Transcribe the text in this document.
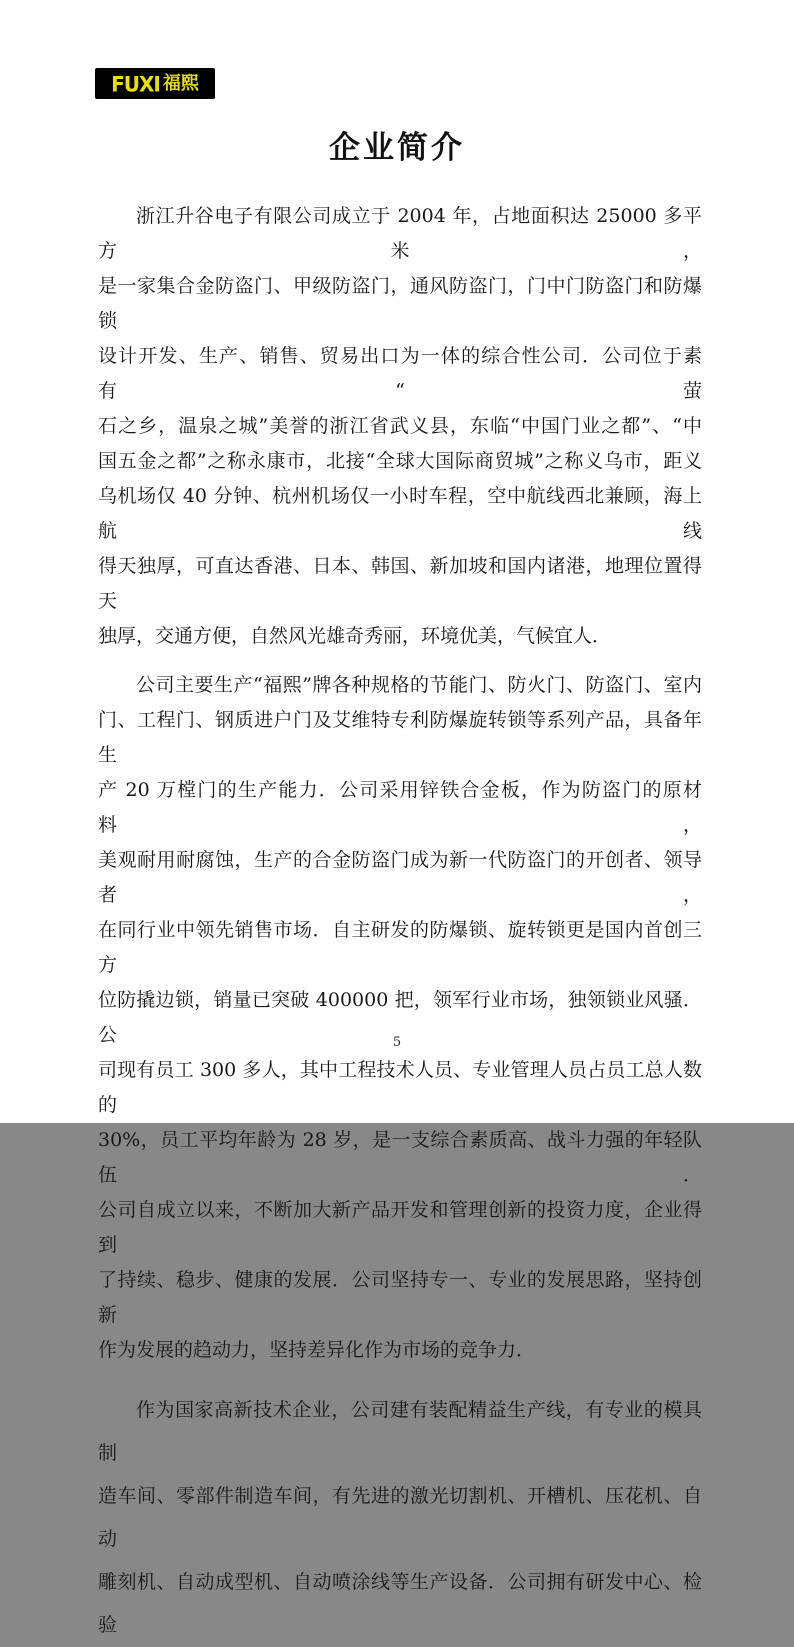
FUXI 福熙
企业简介
浙江升谷电子有限公司成立于 2004 年，占地面积达 25000 多平方米，
是一家集合金防盗门、甲级防盗门，通风防盗门，门中门防盗门和防爆锁
设计开发、生产、销售、贸易出口为一体的综合性公司．公司位于素有“萤
石之乡，温泉之城”美誉的浙江省武义县，东临“中国门业之都”、“中
国五金之都”之称永康市，北接“全球大国际商贸城”之称义乌市，距义
乌机场仅 40 分钟、杭州机场仅一小时车程，空中航线西北兼顾，海上航线
得天独厚，可直达香港、日本、韩国、新加坡和国内诸港，地理位置得天
独厚，交通方便，自然风光雄奇秀丽，环境优美，气候宜人．
公司主要生产“福熙”牌各种规格的节能门、防火门、防盗门、室内
门、工程门、钢质进户门及艾维特专利防爆旋转锁等系列产品，具备年生
产 20 万樘门的生产能力．公司采用锌铁合金板，作为防盗门的原材料，
美观耐用耐腐蚀，生产的合金防盗门成为新一代防盗门的开创者、领导者，
在同行业中领先销售市场．自主研发的防爆锁、旋转锁更是国内首创三方
位防撬边锁，销量已突破 400000 把，领军行业市场，独领锁业风骚．公
司现有员工 300 多人，其中工程技术人员、专业管理人员占员工总人数的
30%，员工平均年龄为 28 岁，是一支综合素质高、战斗力强的年轻队伍．
公司自成立以来，不断加大新产品开发和管理创新的投资力度，企业得到
了持续、稳步、健康的发展．公司坚持专一、专业的发展思路，坚持创新
作为发展的趋动力，坚持差异化作为市场的竞争力．
作为国家高新技术企业，公司建有装配精益生产线，有专业的模具制
造车间、零部件制造车间，有先进的激光切割机、开槽机、压花机、自动
雕刻机、自动成型机、自动喷涂线等生产设备．公司拥有研发中心、检验
5
